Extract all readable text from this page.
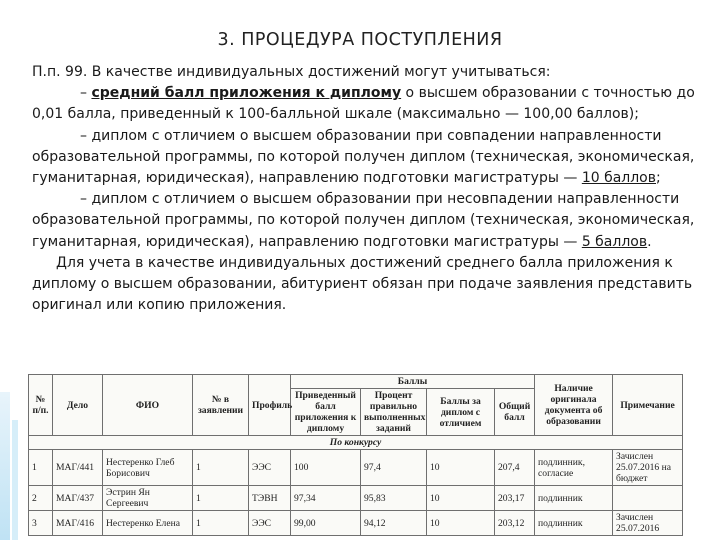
3. ПРОЦЕДУРА ПОСТУПЛЕНИЯ

П.п. 99. В качестве индивидуальных достижений могут учитываться:

– средний балл приложения к диплому о высшем образовании с точностью до 0,01 балла, приведенный к 100-балльной шкале (максимально — 100,00 баллов);

– диплом с отличием о высшем образовании при совпадении направленности образовательной программы, по которой получен диплом (техническая, экономическая, гуманитарная, юридическая), направлению подготовки магистратуры — 10 баллов;

– диплом с отличием о высшем образовании при несовпадении направленности образовательной программы, по которой получен диплом (техническая, экономическая, гуманитарная, юридическая), направлению подготовки магистратуры — 5 баллов.

Для учета в качестве индивидуальных достижений среднего балла приложения к диплому о высшем образовании, абитуриент обязан при подаче заявления представить оригинал или копию приложения.

№ п/п.	Дело	ФИО	№ в заявлении	Профиль	Баллы				Наличие оригинала документа об образовании	Примечание
					Приведенный балл приложения к диплому	Процент правильно выполненных заданий	Баллы за диплом с отличием	Общий балл		
По конкурсу										
1	МАГ/441	Нестеренко Глеб Борисович	1	ЭЭС	100	97,4	10	207,4	подлинник, согласие	Зачислен 25.07.2016 на бюджет
2	МАГ/437	Эстрин Ян Сергеевич	1	ТЭВН	97,34	95,83	10	203,17	подлинник	
3	МАГ/416	Нестеренко Елена	1	ЭЭС	99,00	94,12	10	203,12	подлинник	Зачислен 25.07.2016
